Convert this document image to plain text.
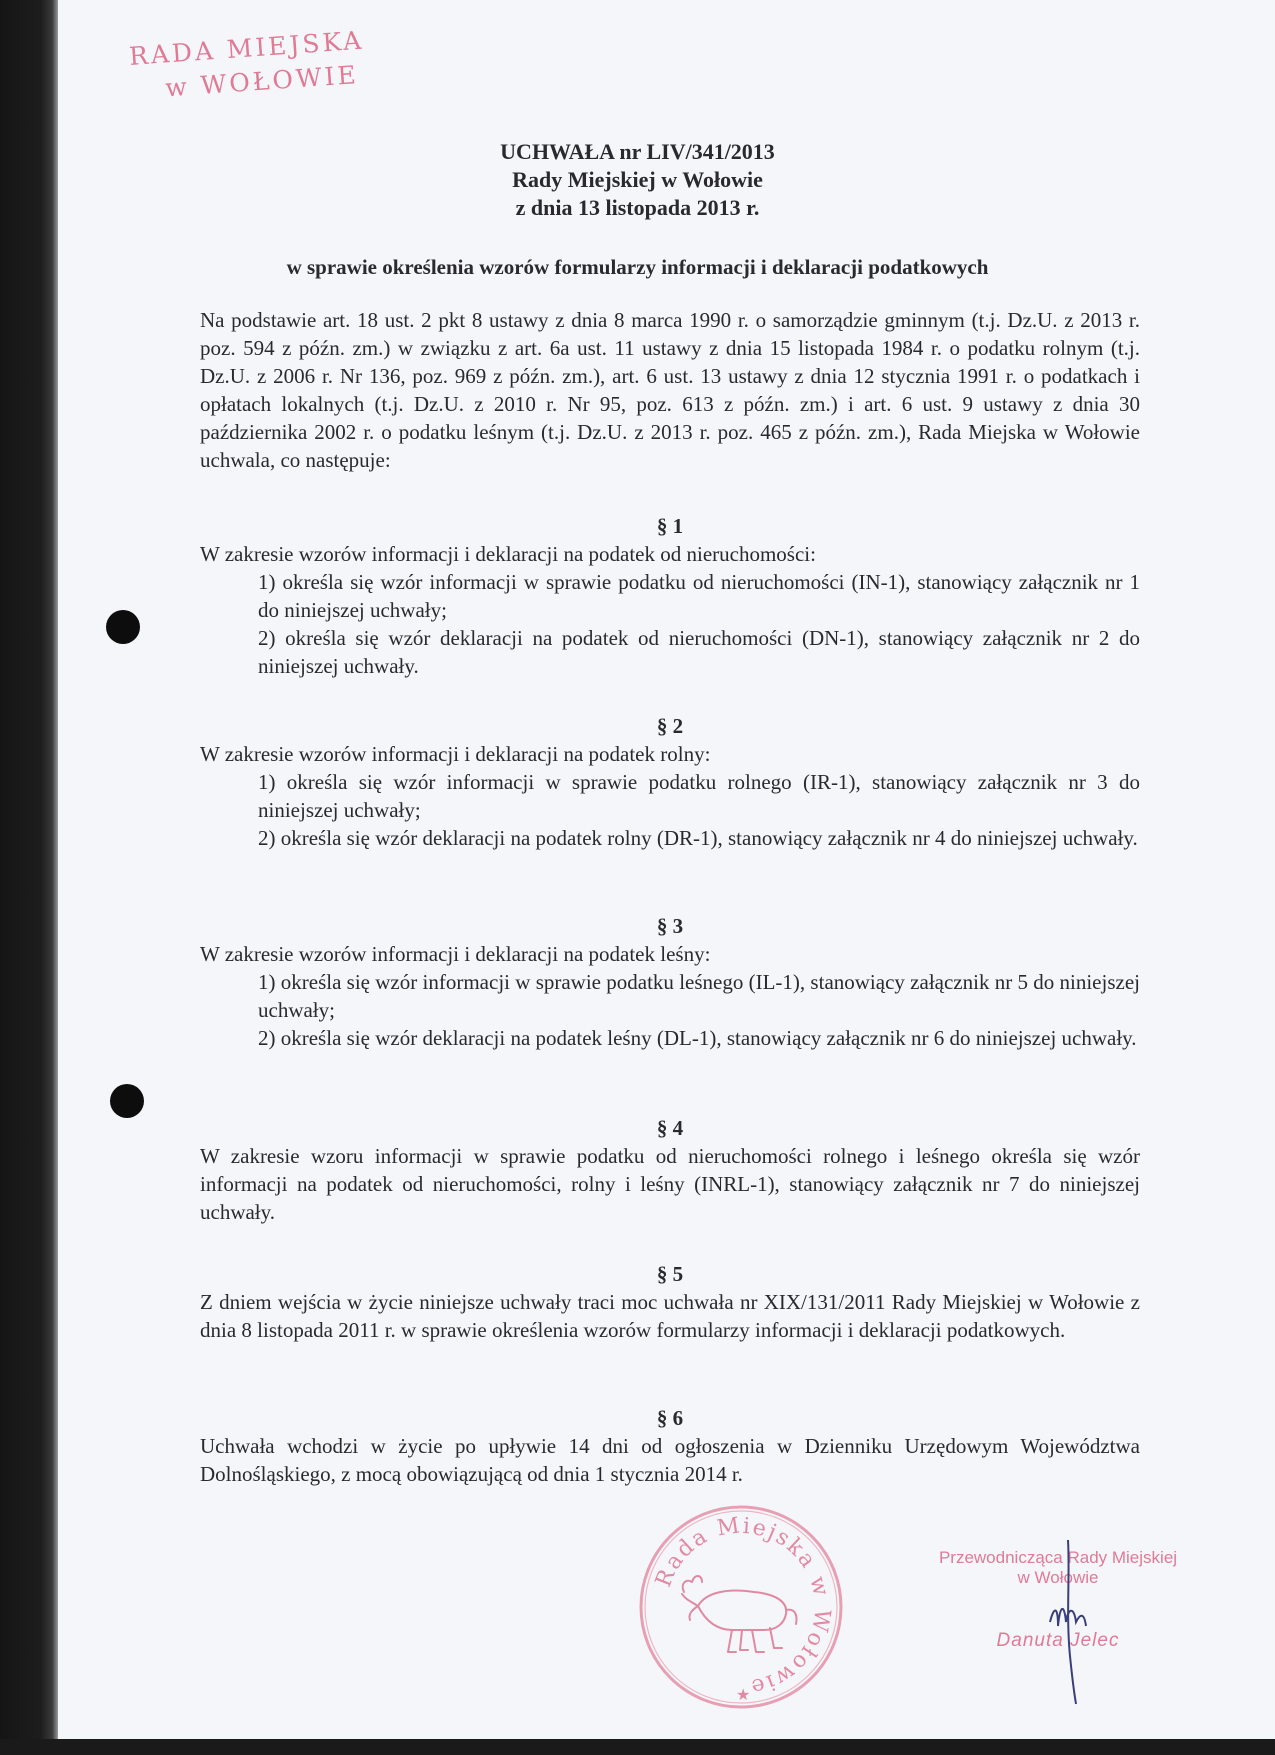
RADA MIEJSKA
w WOŁOWIE
UCHWAŁA nr LIV/341/2013
Rady Miejskiej w Wołowie
z dnia 13 listopada 2013 r.
w sprawie określenia wzorów formularzy informacji i deklaracji podatkowych
Na podstawie art. 18 ust. 2 pkt 8 ustawy z dnia 8 marca 1990 r. o samorządzie gminnym (t.j. Dz.U. z 2013 r. poz. 594 z późn. zm.) w związku z art. 6a ust. 11 ustawy z dnia 15 listopada 1984 r. o podatku rolnym (t.j. Dz.U. z 2006 r. Nr 136, poz. 969 z późn. zm.), art. 6 ust. 13 ustawy z dnia 12 stycznia 1991 r. o podatkach i opłatach lokalnych (t.j. Dz.U. z 2010 r. Nr 95, poz. 613 z późn. zm.) i art. 6 ust. 9 ustawy z dnia 30 października 2002 r. o podatku leśnym (t.j. Dz.U. z 2013 r. poz. 465 z późn. zm.), Rada Miejska w Wołowie uchwala, co następuje:
§ 1
W zakresie wzorów informacji i deklaracji na podatek od nieruchomości:
1) określa się wzór informacji w sprawie podatku od nieruchomości (IN-1), stanowiący załącznik nr 1 do niniejszej uchwały;
2) określa się wzór deklaracji na podatek od nieruchomości (DN-1), stanowiący załącznik nr 2 do niniejszej uchwały.
§ 2
W zakresie wzorów informacji i deklaracji na podatek rolny:
1) określa się wzór informacji w sprawie podatku rolnego (IR-1), stanowiący załącznik nr 3 do niniejszej uchwały;
2) określa się wzór deklaracji na podatek rolny (DR-1), stanowiący załącznik nr 4 do niniejszej uchwały.
§ 3
W zakresie wzorów informacji i deklaracji na podatek leśny:
1) określa się wzór informacji w sprawie podatku leśnego (IL-1), stanowiący załącznik nr 5 do niniejszej uchwały;
2) określa się wzór deklaracji na podatek leśny (DL-1), stanowiący załącznik nr 6 do niniejszej uchwały.
§ 4
W zakresie wzoru informacji w sprawie podatku od nieruchomości rolnego i leśnego określa się wzór informacji na podatek od nieruchomości, rolny i leśny (INRL-1), stanowiący załącznik nr 7 do niniejszej uchwały.
§ 5
Z dniem wejścia w życie niniejsze uchwały traci moc uchwała nr XIX/131/2011 Rady Miejskiej w Wołowie z dnia 8 listopada 2011 r. w sprawie określenia wzorów formularzy informacji i deklaracji podatkowych.
§ 6
Uchwała wchodzi w życie po upływie 14 dni od ogłoszenia w Dzienniku Urzędowym Województwa Dolnośląskiego, z mocą obowiązującą od dnia 1 stycznia 2014 r.
Rada Miejska w Wołowie
★
Przewodnicząca Rady Miejskiej
w Wołowie
Danuta Jelec
